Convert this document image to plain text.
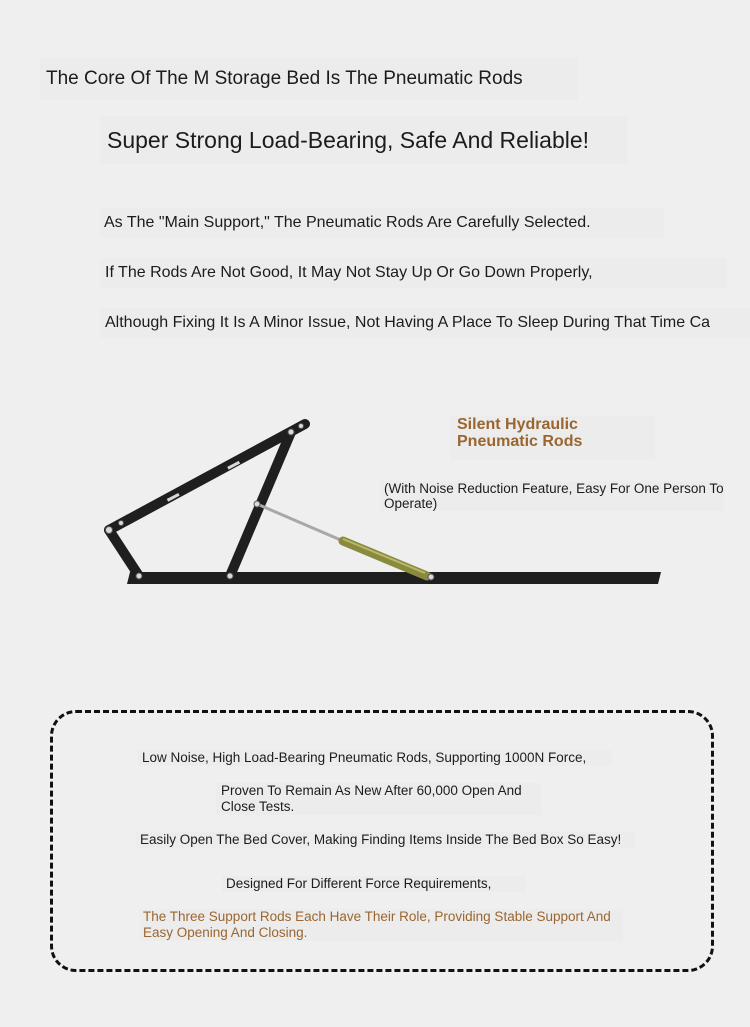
The Core Of The M Storage Bed Is The Pneumatic Rods
Super Strong Load-Bearing, Safe And Reliable!
As The "Main Support," The Pneumatic Rods Are Carefully Selected.
If The Rods Are Not Good, It May Not Stay Up Or Go Down Properly,
Although Fixing It Is A Minor Issue, Not Having A Place To Sleep During That Time Ca
Silent Hydraulic
Pneumatic Rods
(With Noise Reduction Feature, Easy For One Person To Operate)
Low Noise, High Load-Bearing Pneumatic Rods, Supporting 1000N Force,
Proven To Remain As New After 60,000 Open And Close Tests.
Easily Open The Bed Cover, Making Finding Items Inside The Bed Box So Easy!
Designed For Different Force Requirements,
The Three Support Rods Each Have Their Role, Providing Stable Support And Easy Opening And Closing.
